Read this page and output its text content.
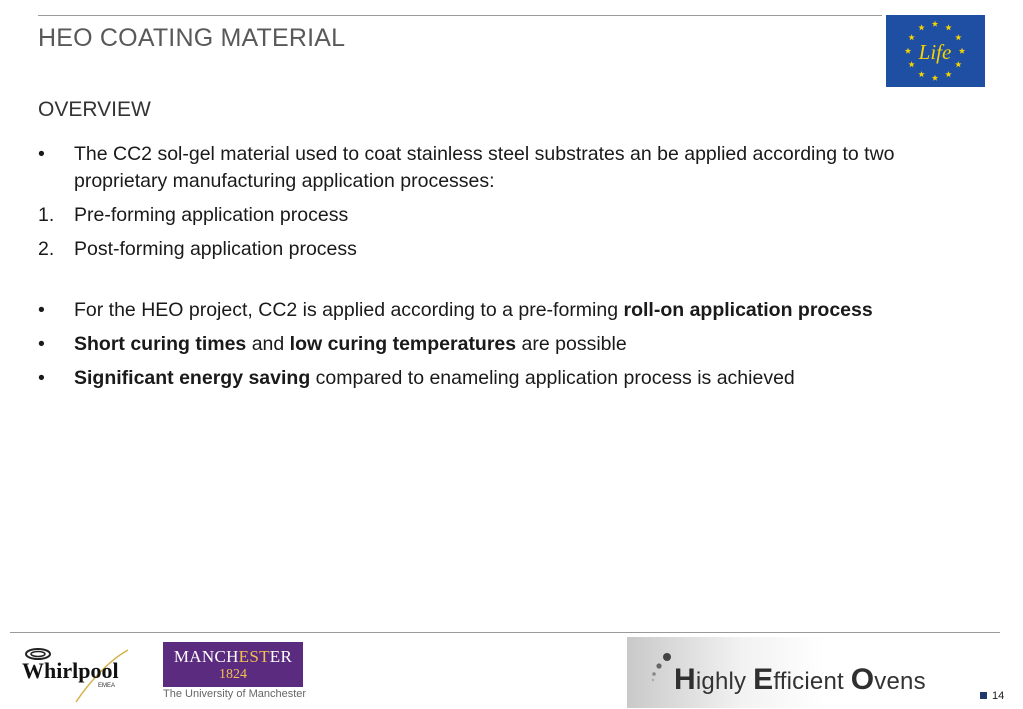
HEO COATING MATERIAL	Life
OVERVIEW
•	The CC2 sol-gel material used to coat stainless steel substrates an be applied according to two proprietary manufacturing application processes:
1.	Pre-forming application process
2.	Post-forming application process
•	For the HEO project, CC2 is applied according to a pre-forming roll-on application process
•	Short curing times and low curing temperatures are possible
•	Significant energy saving compared to enameling application process is achieved
Whirlpool
EMEA
MANCHESTER
1824
The University of Manchester	Highly Efficient Ovens
14
